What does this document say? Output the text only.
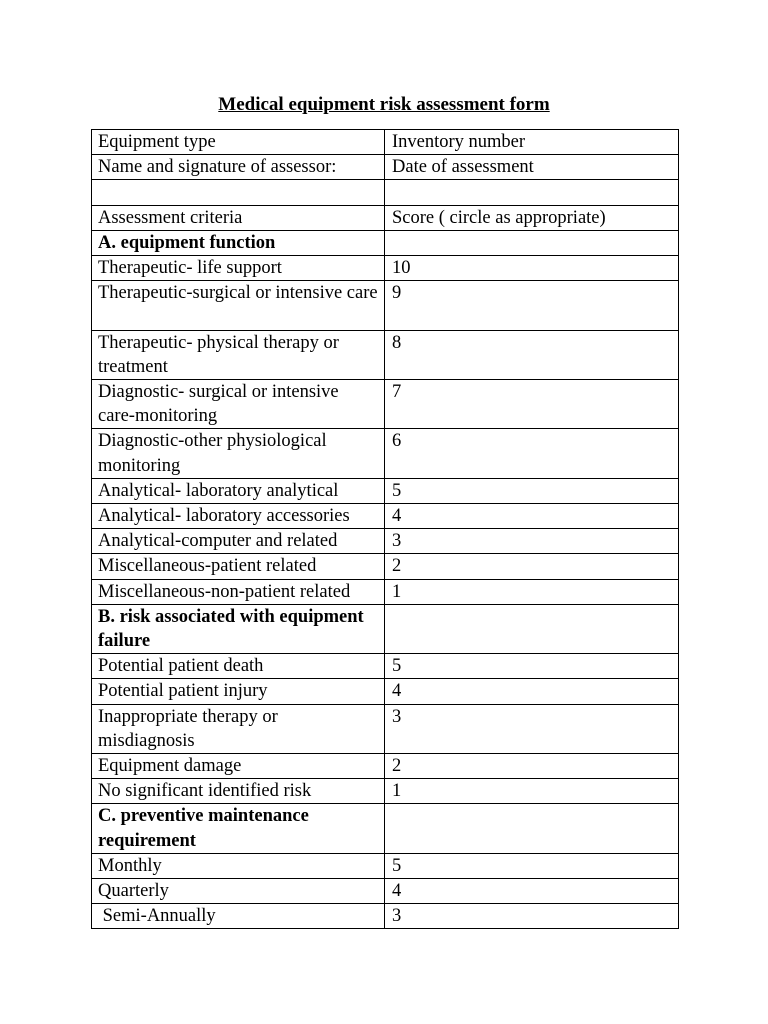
Medical equipment risk assessment form
Equipment type	Inventory number
Name and signature of assessor:	Date of assessment

Assessment criteria	Score ( circle as appropriate)
A. equipment function	
Therapeutic- life support	10
Therapeutic-surgical or intensive care	9
Therapeutic- physical therapy or treatment	8
Diagnostic- surgical or intensive care-monitoring	7
Diagnostic-other physiological monitoring	6
Analytical- laboratory analytical	5
Analytical- laboratory accessories	4
Analytical-computer and related	3
Miscellaneous-patient related	2
Miscellaneous-non-patient related	1
B. risk associated with equipment failure	
Potential patient death	5
Potential patient injury	4
Inappropriate therapy or misdiagnosis	3
Equipment damage	2
No significant identified risk	1
C. preventive maintenance requirement	
Monthly	5
Quarterly	4
Semi-Annually	3
